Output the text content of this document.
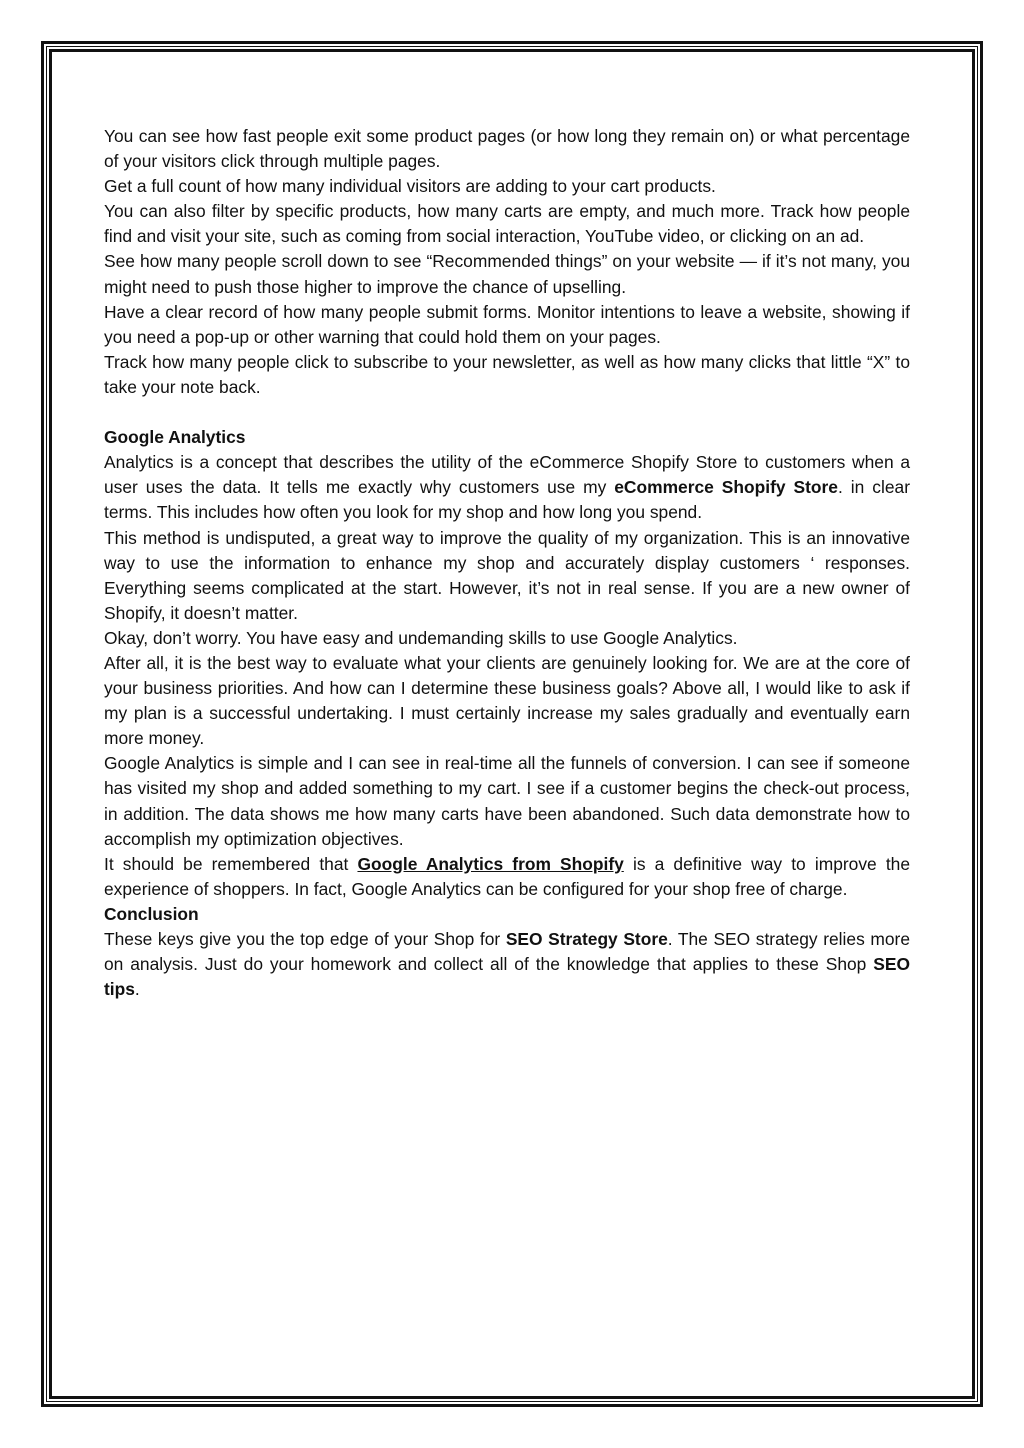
You can see how fast people exit some product pages (or how long they remain on) or what percentage of your visitors click through multiple pages.

Get a full count of how many individual visitors are adding to your cart products.

You can also filter by specific products, how many carts are empty, and much more. Track how people find and visit your site, such as coming from social interaction, YouTube video, or clicking on an ad.

See how many people scroll down to see “Recommended things” on your website — if it’s not many, you might need to push those higher to improve the chance of upselling.

Have a clear record of how many people submit forms. Monitor intentions to leave a website, showing if you need a pop-up or other warning that could hold them on your pages.

Track how many people click to subscribe to your newsletter, as well as how many clicks that little “X” to take your note back.

Google Analytics

Analytics is a concept that describes the utility of the eCommerce Shopify Store to customers when a user uses the data. It tells me exactly why customers use my eCommerce Shopify Store. in clear terms. This includes how often you look for my shop and how long you spend.

This method is undisputed, a great way to improve the quality of my organization. This is an innovative way to use the information to enhance my shop and accurately display customers ‘ responses. Everything seems complicated at the start. However, it’s not in real sense. If you are a new owner of Shopify, it doesn’t matter.

Okay, don’t worry. You have easy and undemanding skills to use Google Analytics.

After all, it is the best way to evaluate what your clients are genuinely looking for. We are at the core of your business priorities. And how can I determine these business goals? Above all, I would like to ask if my plan is a successful undertaking. I must certainly increase my sales gradually and eventually earn more money.

Google Analytics is simple and I can see in real-time all the funnels of conversion. I can see if someone has visited my shop and added something to my cart. I see if a customer begins the check-out process, in addition. The data shows me how many carts have been abandoned. Such data demonstrate how to accomplish my optimization objectives.

It should be remembered that Google Analytics from Shopify is a definitive way to improve the experience of shoppers. In fact, Google Analytics can be configured for your shop free of charge.

Conclusion

These keys give you the top edge of your Shop for SEO Strategy Store. The SEO strategy relies more on analysis. Just do your homework and collect all of the knowledge that applies to these Shop SEO tips.
